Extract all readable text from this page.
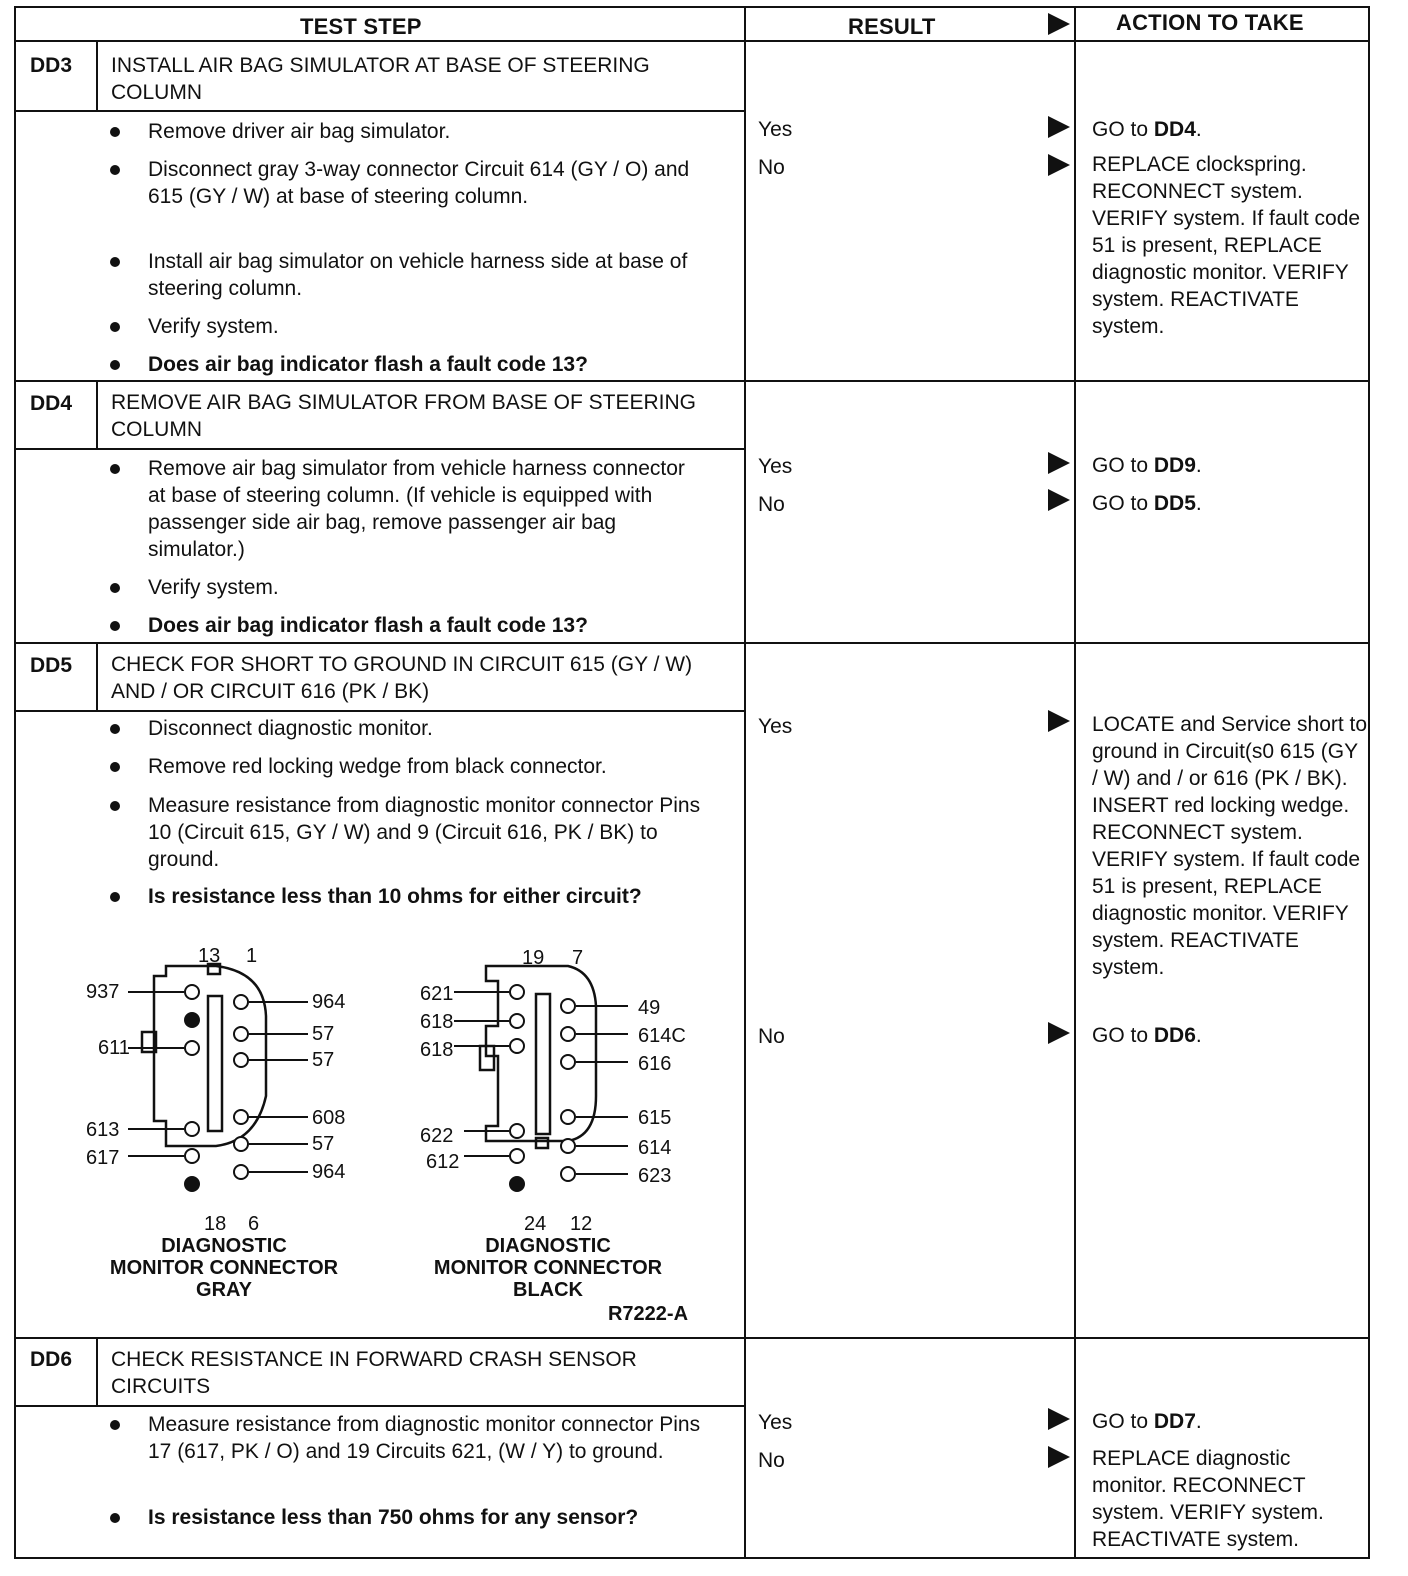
TEST STEP	RESULT	ACTION TO TAKE
DD3 INSTALL AIR BAG SIMULATOR AT BASE OF STEERING COLUMN
Remove driver air bag simulator.
Disconnect gray 3-way connector Circuit 614 (GY / O) and 615 (GY / W) at base of steering column.
Install air bag simulator on vehicle harness side at base of steering column.
Verify system.
Does air bag indicator flash a fault code 13?
Yes	GO to DD4.
No	REPLACE clockspring. RECONNECT system. VERIFY system. If fault code 51 is present, REPLACE diagnostic monitor. VERIFY system. REACTIVATE system.
DD4 REMOVE AIR BAG SIMULATOR FROM BASE OF STEERING COLUMN
Remove air bag simulator from vehicle harness connector at base of steering column. (If vehicle is equipped with passenger side air bag, remove passenger air bag simulator.)
Verify system.
Does air bag indicator flash a fault code 13?
Yes	GO to DD9.
No	GO to DD5.
DD5 CHECK FOR SHORT TO GROUND IN CIRCUIT 615 (GY / W) AND / OR CIRCUIT 616 (PK / BK)
Disconnect diagnostic monitor.
Remove red locking wedge from black connector.
Measure resistance from diagnostic monitor connector Pins 10 (Circuit 615, GY / W) and 9 (Circuit 616, PK / BK) to ground.
Is resistance less than 10 ohms for either circuit?
Yes	LOCATE and Service short to ground in Circuit(s0 615 (GY / W) and / or 616 (PK / BK). INSERT red locking wedge. RECONNECT system. VERIFY system. If fault code 51 is present, REPLACE diagnostic monitor. VERIFY system. REACTIVATE system.
No	GO to DD6.
13 1
937
611
613
617
964
57
57
608
57
964
18 6
19 7
621
618
618
622
612
49
614C
616
615
614
623
24 12
DIAGNOSTIC
MONITOR CONNECTOR
GRAY
DIAGNOSTIC
MONITOR CONNECTOR
BLACK
R7222-A
DD6 CHECK RESISTANCE IN FORWARD CRASH SENSOR CIRCUITS
Measure resistance from diagnostic monitor connector Pins 17 (617, PK / O) and 19 Circuits 621, (W / Y) to ground.
Is resistance less than 750 ohms for any sensor?
Yes	GO to DD7.
No	REPLACE diagnostic monitor. RECONNECT system. VERIFY system. REACTIVATE system.
